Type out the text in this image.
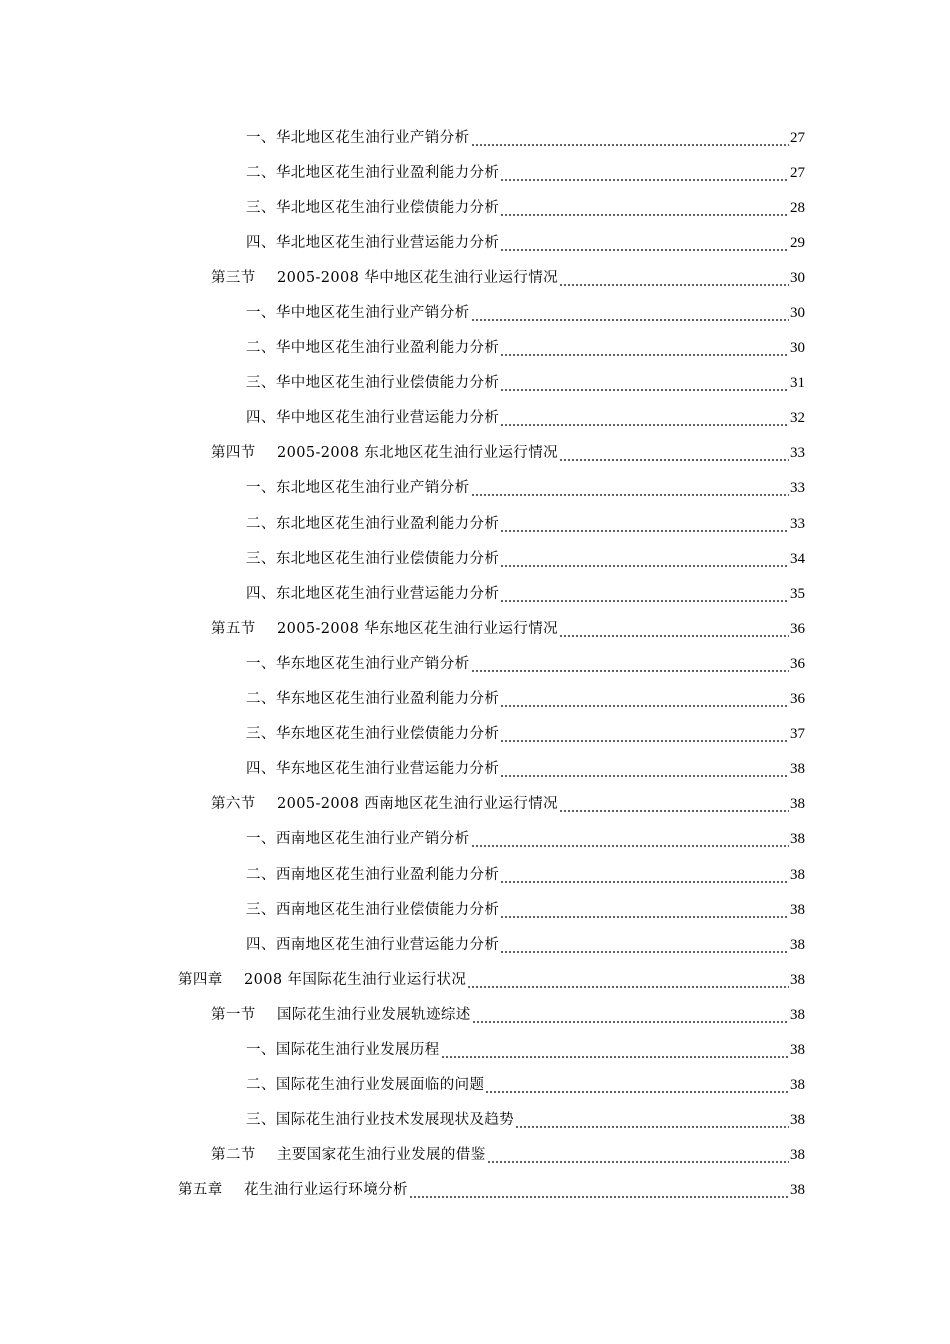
一、华北地区花生油行业产销分析	27
二、华北地区花生油行业盈利能力分析	27
三、华北地区花生油行业偿债能力分析	28
四、华北地区花生油行业营运能力分析	29
第三节 2005-2008 华中地区花生油行业运行情况	30
一、华中地区花生油行业产销分析	30
二、华中地区花生油行业盈利能力分析	30
三、华中地区花生油行业偿债能力分析	31
四、华中地区花生油行业营运能力分析	32
第四节 2005-2008 东北地区花生油行业运行情况	33
一、东北地区花生油行业产销分析	33
二、东北地区花生油行业盈利能力分析	33
三、东北地区花生油行业偿债能力分析	34
四、东北地区花生油行业营运能力分析	35
第五节 2005-2008 华东地区花生油行业运行情况	36
一、华东地区花生油行业产销分析	36
二、华东地区花生油行业盈利能力分析	36
三、华东地区花生油行业偿债能力分析	37
四、华东地区花生油行业营运能力分析	38
第六节 2005-2008 西南地区花生油行业运行情况	38
一、西南地区花生油行业产销分析	38
二、西南地区花生油行业盈利能力分析	38
三、西南地区花生油行业偿债能力分析	38
四、西南地区花生油行业营运能力分析	38
第四章 2008 年国际花生油行业运行状况	38
第一节 国际花生油行业发展轨迹综述	38
一、国际花生油行业发展历程	38
二、国际花生油行业发展面临的问题	38
三、国际花生油行业技术发展现状及趋势	38
第二节 主要国家花生油行业发展的借鉴	38
第五章 花生油行业运行环境分析	38
